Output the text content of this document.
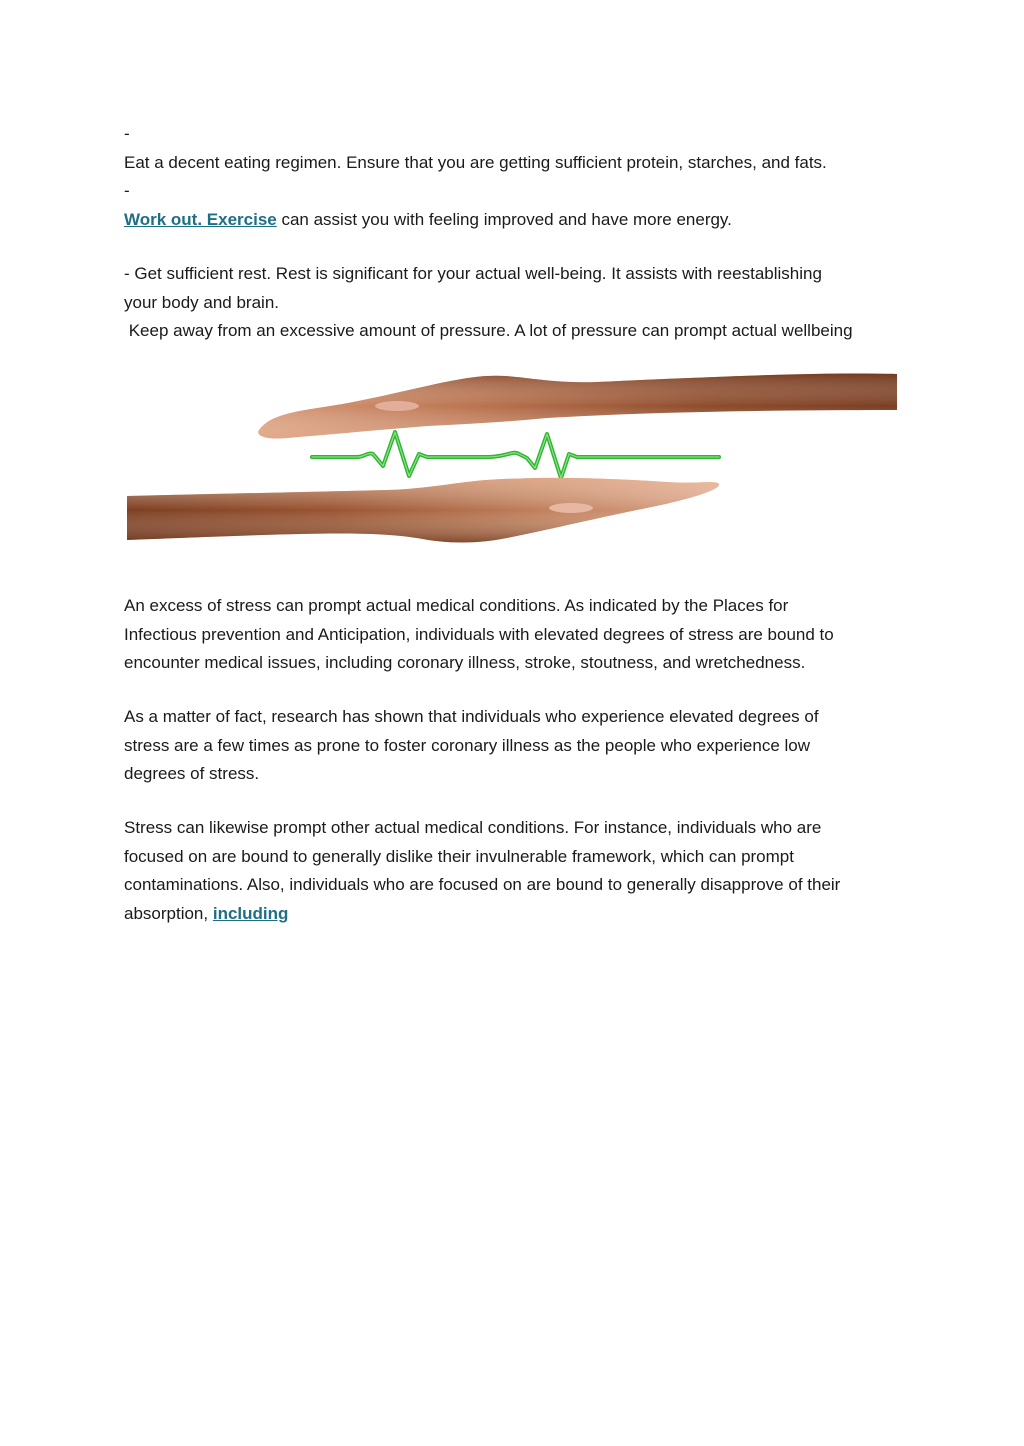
-
Eat a decent eating regimen. Ensure that you are getting sufficient protein, starches, and fats.
-
Work out. Exercise can assist you with feeling improved and have more energy.
- Get sufficient rest. Rest is significant for your actual well-being. It assists with reestablishing
your body and brain.
Keep away from an excessive amount of pressure. A lot of pressure can prompt actual wellbeing
An excess of stress can prompt actual medical conditions. As indicated by the Places for
Infectious prevention and Anticipation, individuals with elevated degrees of stress are bound to
encounter medical issues, including coronary illness, stroke, stoutness, and wretchedness.
As a matter of fact, research has shown that individuals who experience elevated degrees of
stress are a few times as prone to foster coronary illness as the people who experience low
degrees of stress.
Stress can likewise prompt other actual medical conditions. For instance, individuals who are
focused on are bound to generally dislike their invulnerable framework, which can prompt
contaminations. Also, individuals who are focused on are bound to generally disapprove of their
absorption, including
